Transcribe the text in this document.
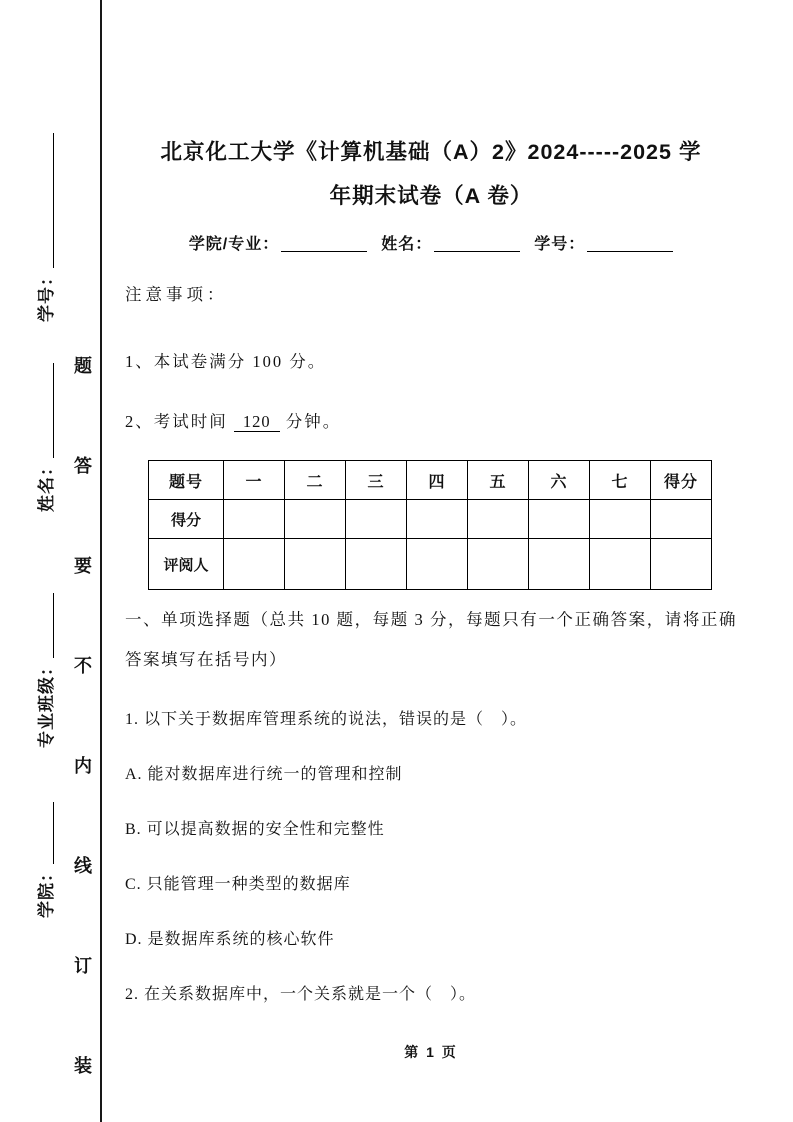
学号：
姓名：
专业班级：
学院：
题
答
要
不
内
线
订
装
北京化工大学《计算机基础（A）2》2024-----2025 学
年期末试卷（A 卷）
学院/专业：	姓名：	学号：

注意事项：

1、本试卷满分 100 分。

2、考试时间 120 分钟。

题号	一	二	三	四	五	六	七	得分
得分								
评阅人								

一、单项选择题（总共 10 题，每题 3 分，每题只有一个正确答案，请将正确答案填写在括号内）

1. 以下关于数据库管理系统的说法，错误的是（　）。

A. 能对数据库进行统一的管理和控制

B. 可以提高数据的安全性和完整性

C. 只能管理一种类型的数据库

D. 是数据库系统的核心软件

2. 在关系数据库中，一个关系就是一个（　）。

第 1 页
